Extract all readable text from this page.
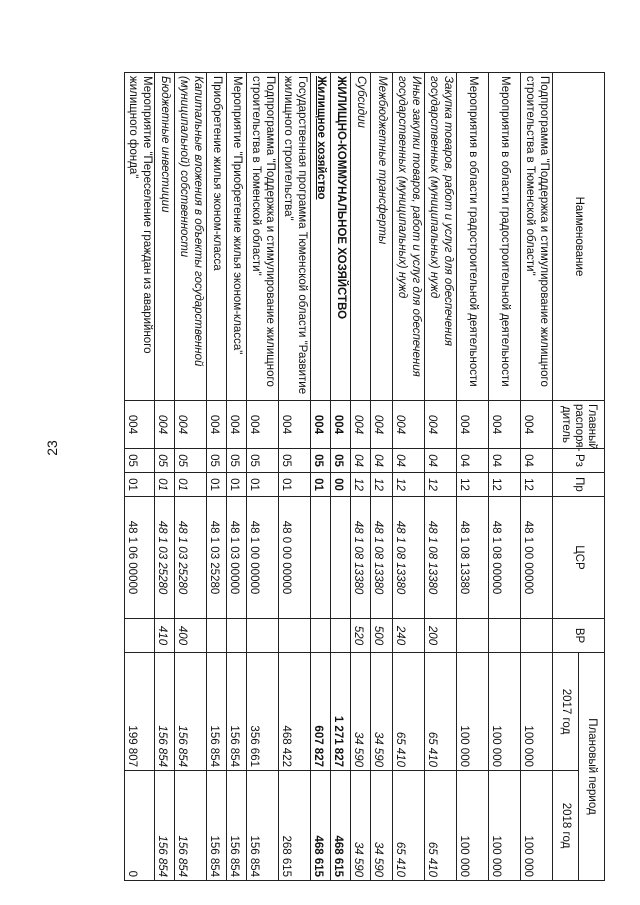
23
Наименование	Главный распоря-дитель	Рз	Пр	ЦСР	ВР	Плановый период	
						2017 год	2018 год
Подпрограмма "Поддержка и стимулирование жилищного строительства в Тюменской области"	004	04	12	48 1 00 00000		100 000	100 000
Мероприятия в области градостроительной деятельности	004	04	12	48 1 08 00000		100 000	100 000
Мероприятия в области градостроительной деятельности	004	04	12	48 1 08 13380		100 000	100 000
Закупка товаров, работ и услуг для обеспечения государственных (муниципальных) нужд	004	04	12	48 1 08 13380	200	65 410	65 410
Иные закупки товаров, работ и услуг для обеспечения государственных (муниципальных) нужд	004	04	12	48 1 08 13380	240	65 410	65 410
Межбюджетные трансферты	004	04	12	48 1 08 13380	500	34 590	34 590
Субсидии	004	04	12	48 1 08 13380	520	34 590	34 590
ЖИЛИЩНО-КОММУНАЛЬНОЕ ХОЗЯЙСТВО	004	05	00			1 271 827	468 615
Жилищное хозяйство	004	05	01			607 827	468 615
Государственная программа Тюменской области "Развитие жилищного строительства"	004	05	01	48 0 00 00000		468 422	268 615
Подпрограмма "Поддержка и стимулирование жилищного строительства в Тюменской области"	004	05	01	48 1 00 00000		356 661	156 854
Мероприятие "Приобретение жилья эконом-класса"	004	05	01	48 1 03 00000		156 854	156 854
Приобретение жилья эконом-класса	004	05	01	48 1 03 25280		156 854	156 854
Капитальные вложения в объекты государственной (муниципальной) собственности	004	05	01	48 1 03 25280	400	156 854	156 854
Бюджетные инвестиции	004	05	01	48 1 03 25280	410	156 854	156 854
Мероприятие "Переселение граждан из аварийного жилищного фонда"	004	05	01	48 1 06 00000		199 807	0
